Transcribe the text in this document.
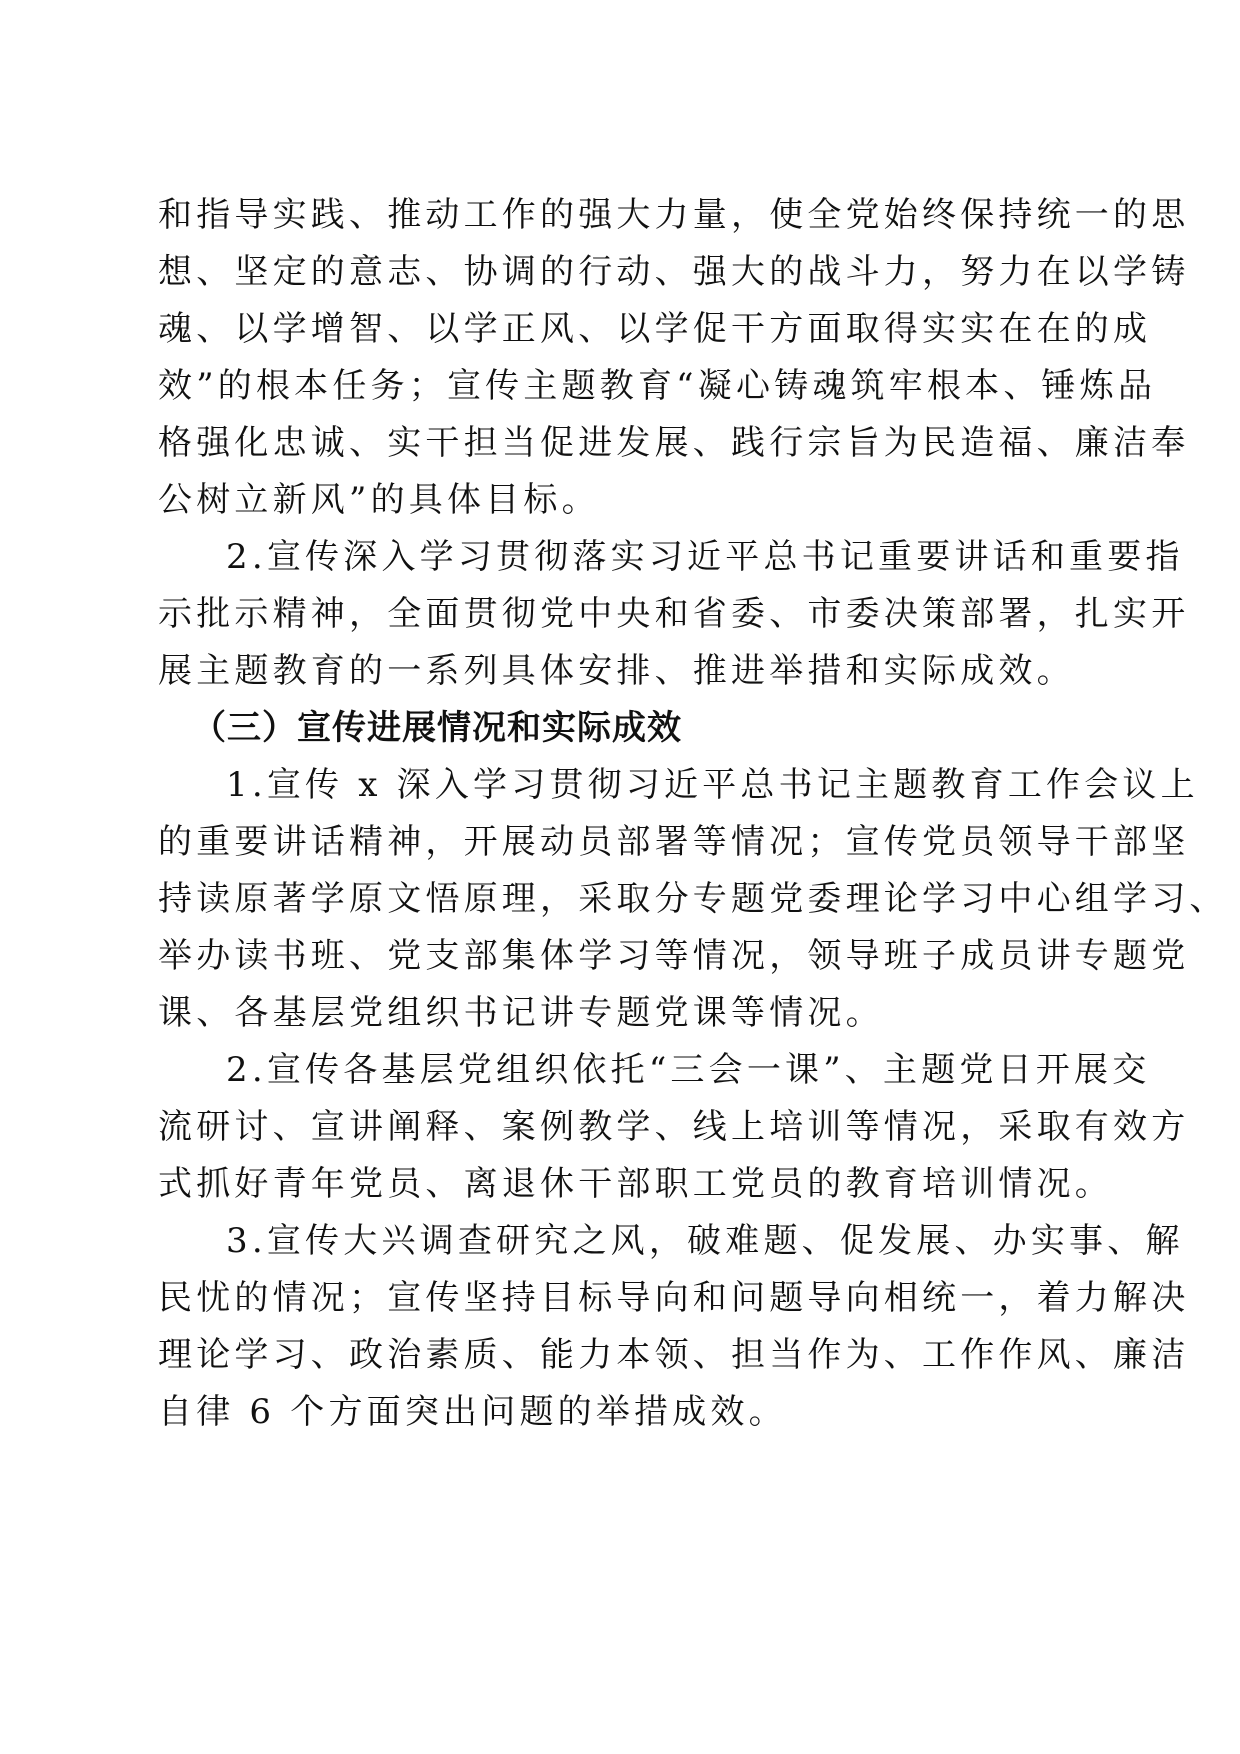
和指导实践、推动工作的强大力量，使全党始终保持统一的思
想、坚定的意志、协调的行动、强大的战斗力，努力在以学铸
魂、以学增智、以学正风、以学促干方面取得实实在在的成
效”的根本任务；宣传主题教育“凝心铸魂筑牢根本、锤炼品
格强化忠诚、实干担当促进发展、践行宗旨为民造福、廉洁奉
公树立新风”的具体目标。
2.宣传深入学习贯彻落实习近平总书记重要讲话和重要指
示批示精神，全面贯彻党中央和省委、市委决策部署，扎实开
展主题教育的一系列具体安排、推进举措和实际成效。
（三）宣传进展情况和实际成效
1.宣传 x 深入学习贯彻习近平总书记主题教育工作会议上
的重要讲话精神，开展动员部署等情况；宣传党员领导干部坚
持读原著学原文悟原理，采取分专题党委理论学习中心组学习、
举办读书班、党支部集体学习等情况，领导班子成员讲专题党
课、各基层党组织书记讲专题党课等情况。
2.宣传各基层党组织依托“三会一课”、主题党日开展交
流研讨、宣讲阐释、案例教学、线上培训等情况，采取有效方
式抓好青年党员、离退休干部职工党员的教育培训情况。
3.宣传大兴调查研究之风，破难题、促发展、办实事、解
民忧的情况；宣传坚持目标导向和问题导向相统一，着力解决
理论学习、政治素质、能力本领、担当作为、工作作风、廉洁
自律 6 个方面突出问题的举措成效。
